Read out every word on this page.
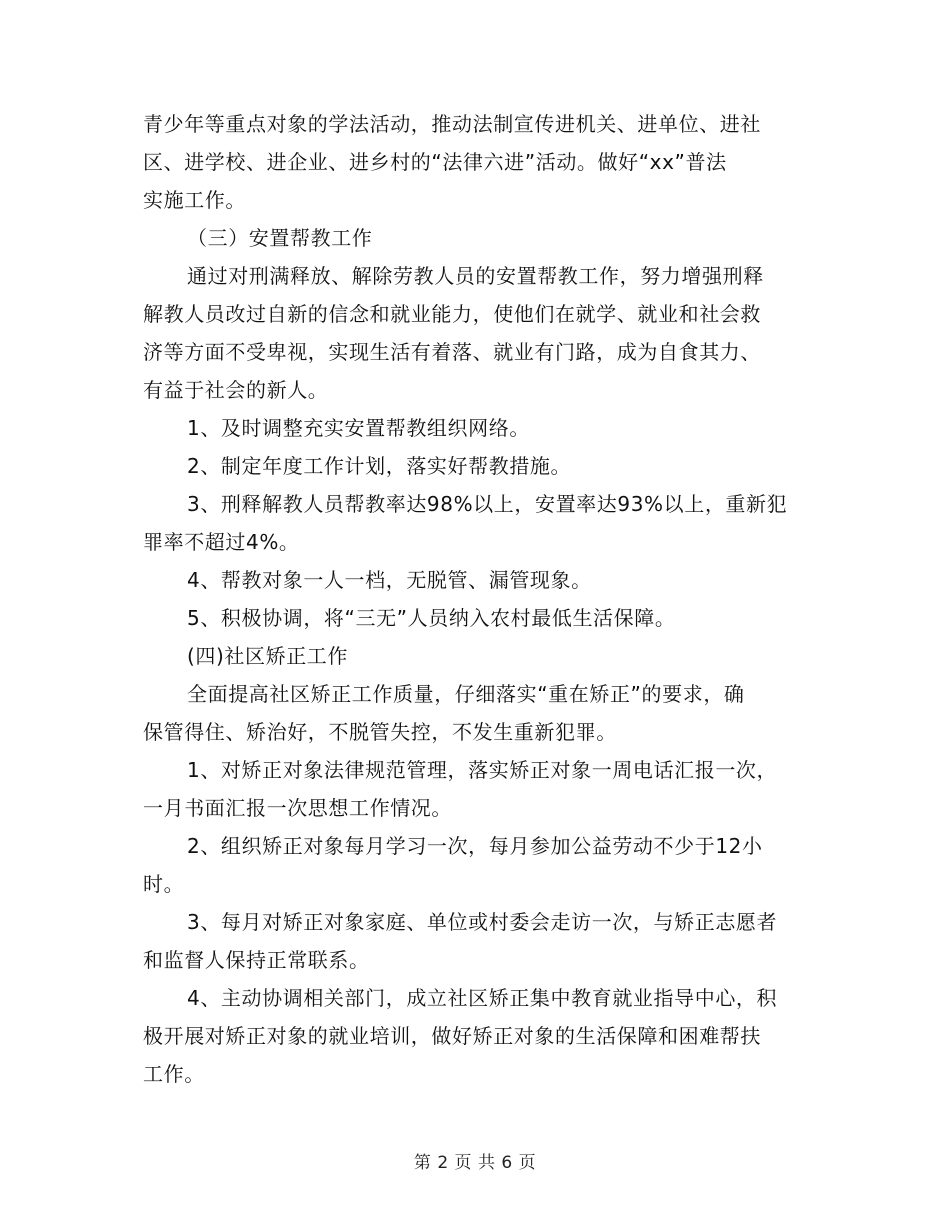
青少年等重点对象的学法活动，推动法制宣传进机关、进单位、进社
区、进学校、进企业、进乡村的“法律六进”活动。做好“xx”普法
实施工作。
（三）安置帮教工作
通过对刑满释放、解除劳教人员的安置帮教工作，努力增强刑释
解教人员改过自新的信念和就业能力，使他们在就学、就业和社会救
济等方面不受卑视，实现生活有着落、就业有门路，成为自食其力、
有益于社会的新人。
1、及时调整充实安置帮教组织网络。
2、制定年度工作计划，落实好帮教措施。
3、刑释解教人员帮教率达98%以上，安置率达93%以上，重新犯
罪率不超过4%。
4、帮教对象一人一档，无脱管、漏管现象。
5、积极协调，将“三无”人员纳入农村最低生活保障。
(四)社区矫正工作
全面提高社区矫正工作质量，仔细落实“重在矫正”的要求，确
保管得住、矫治好，不脱管失控，不发生重新犯罪。
1、对矫正对象法律规范管理，落实矫正对象一周电话汇报一次，
一月书面汇报一次思想工作情况。
2、组织矫正对象每月学习一次，每月参加公益劳动不少于12小
时。
3、每月对矫正对象家庭、单位或村委会走访一次，与矫正志愿者
和监督人保持正常联系。
4、主动协调相关部门，成立社区矫正集中教育就业指导中心，积
极开展对矫正对象的就业培训，做好矫正对象的生活保障和困难帮扶
工作。
第 2 页 共 6 页
